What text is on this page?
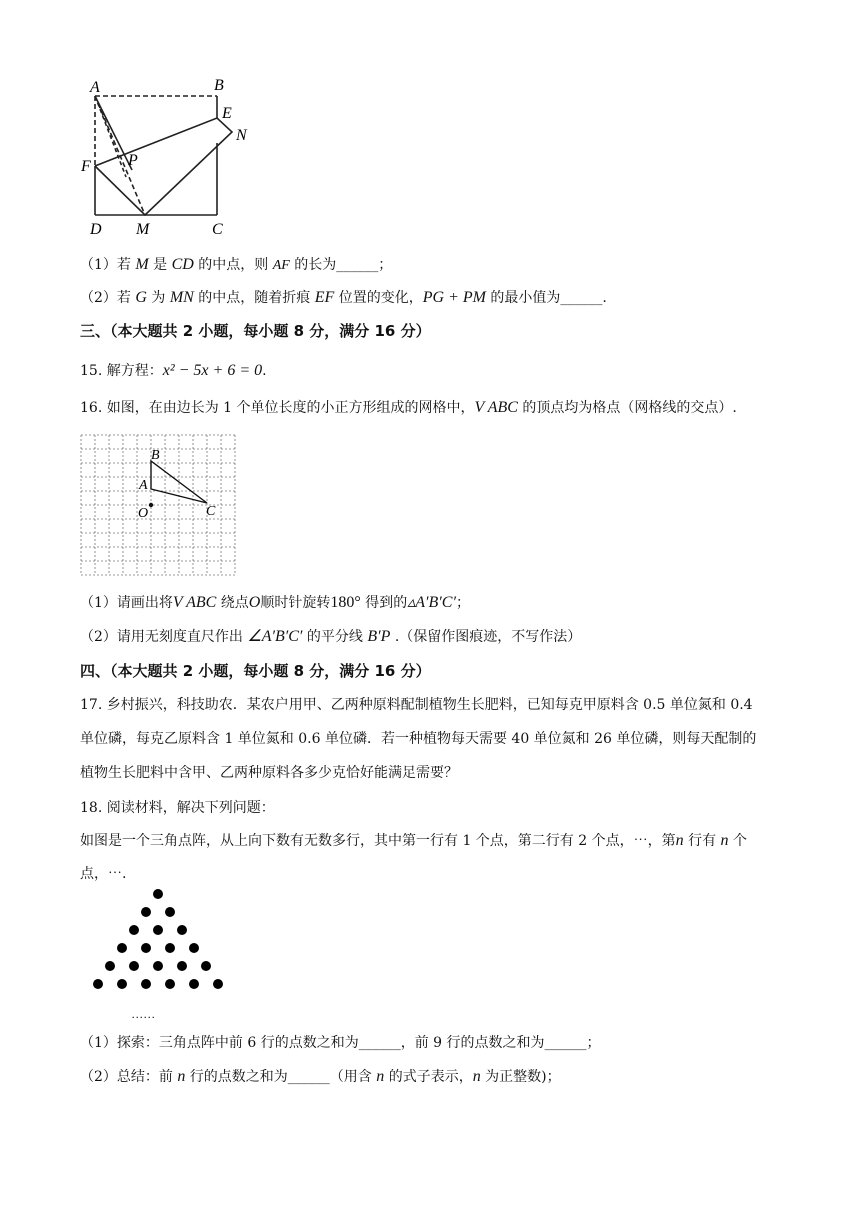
A	B
E
N
F P
D M	C
（1）若 M 是 CD 的中点，则 AF 的长为______；
（2）若 G 为 MN 的中点，随着折痕 EF 位置的变化，PG + PM 的最小值为______.
三、（本大题共 2 小题，每小题 8 分，满分 16 分）
15. 解方程：x² − 5x + 6 = 0.
16. 如图，在由边长为 1 个单位长度的小正方形组成的网格中，V ABC 的顶点均为格点（网格线的交点）.
B
A
C
O
（1）请画出将V ABC 绕点O顺时针旋转180° 得到的▵A′B′C′；
（2）请用无刻度直尺作出 ∠A′B′C′ 的平分线 B′P .（保留作图痕迹，不写作法）
四、（本大题共 2 小题，每小题 8 分，满分 16 分）
17. 乡村振兴，科技助农．某农户用甲、乙两种原料配制植物生长肥料，已知每克甲原料含 0.5 单位氮和 0.4
单位磷，每克乙原料含 1 单位氮和 0.6 单位磷．若一种植物每天需要 40 单位氮和 26 单位磷，则每天配制的
植物生长肥料中含甲、乙两种原料各多少克恰好能满足需要？
18. 阅读材料，解决下列问题：
如图是一个三角点阵，从上向下数有无数多行，其中第一行有 1 个点，第二行有 2 个点，⋯，第n 行有 n 个
点，⋯.
......
（1）探索：三角点阵中前 6 行的点数之和为______，前 9 行的点数之和为______；
（2）总结：前 n 行的点数之和为______（用含 n 的式子表示，n 为正整数)；
